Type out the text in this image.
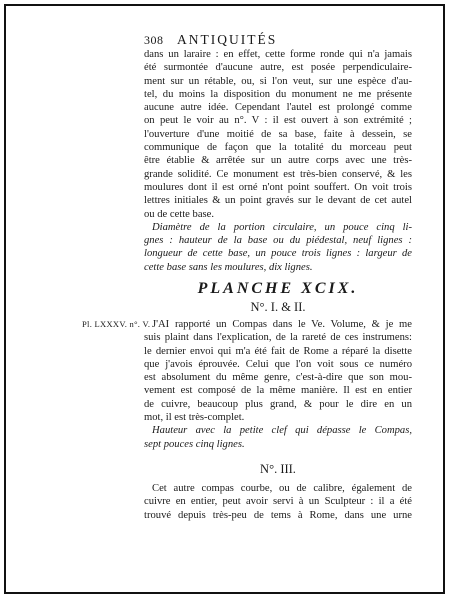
308 ANTIQUITÉS
dans un laraire : en effet, cette forme ronde qui n'a jamais
été surmontée d'aucune autre, est posée perpendiculaire-
ment sur un rétable, ou, si l'on veut, sur une espèce d'au-
tel, du moins la disposition du monument ne me présente
aucune autre idée. Cependant l'autel est prolongé comme
on peut le voir au n°. V : il est ouvert à son extrémité ;
l'ouverture d'une moitié de sa base, faite à dessein, se
communique de façon que la totalité du morceau peut
être établie & arrêtée sur un autre corps avec une très-
grande solidité. Ce monument est très-bien conservé, & les
moulures dont il est orné n'ont point souffert. On voit trois
lettres initiales & un point gravés sur le devant de cet autel
ou de cette base.
Diamètre de la portion circulaire, un pouce cinq li-
gnes : hauteur de la base ou du piédestal, neuf lignes :
longueur de cette base, un pouce trois lignes : largeur de
cette base sans les moulures, dix lignes.
PLANCHE XCIX.
N°. I. & II.
Pl. LXXXV. n°. V. J'AI rapporté un Compas dans le Ve. Volume, & je me
suis plaint dans l'explication, de la rareté de ces instrumens:
le dernier envoi qui m'a été fait de Rome a réparé la disette
que j'avois éprouvée. Celui que l'on voit sous ce numéro
est absolument du même genre, c'est-à-dire que son mou-
vement est composé de la même manière. Il est en entier
de cuivre, beaucoup plus grand, & pour le dire en un
mot, il est très-complet.
Hauteur avec la petite clef qui dépasse le Compas,
sept pouces cinq lignes.
N°. III.
Cet autre compas courbe, ou de calibre, également de
cuivre en entier, peut avoir servi à un Sculpteur : il a été
trouvé depuis très-peu de tems à Rome, dans une urne
